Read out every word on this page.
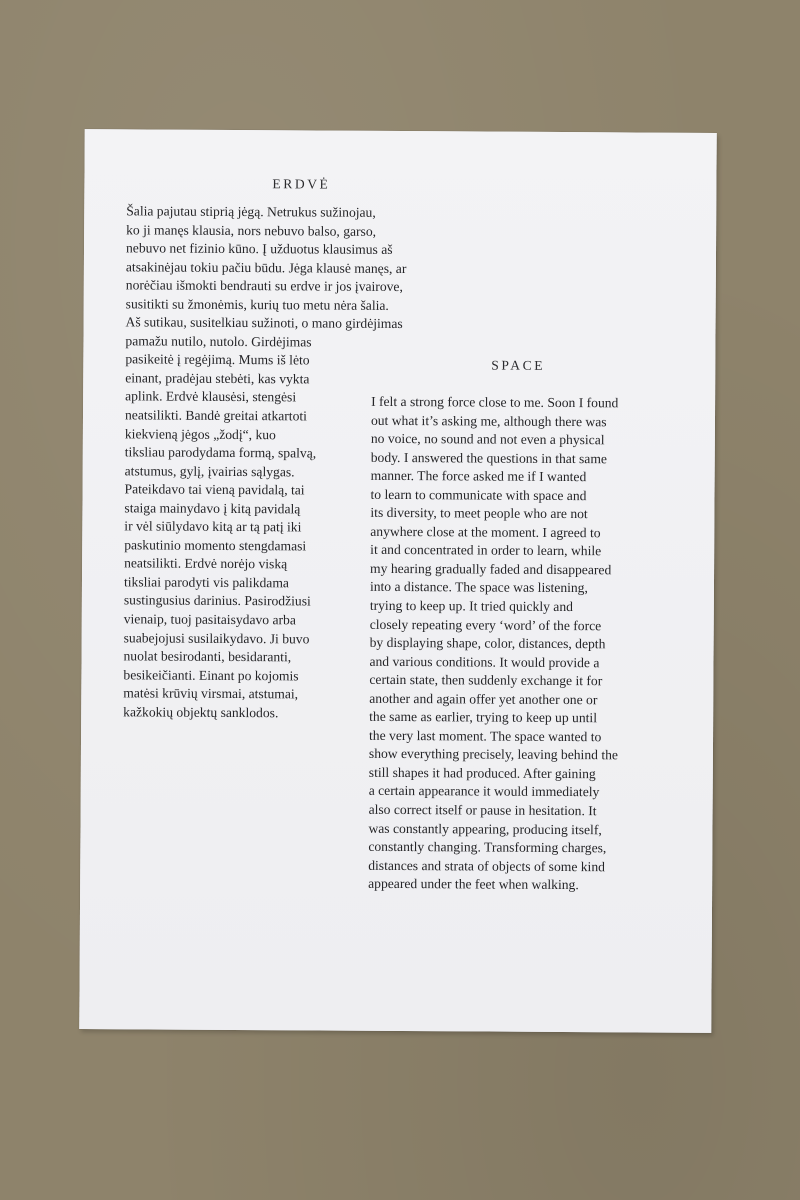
ERDVĖ

Šalia pajutau stiprią jėgą. Netrukus sužinojau,
ko ji manęs klausia, nors nebuvo balso, garso,
nebuvo net fizinio kūno. Į užduotus klausimus aš
atsakinėjau tokiu pačiu būdu. Jėga klausė manęs, ar
norėčiau išmokti bendrauti su erdve ir jos įvairove,
susitikti su žmonėmis, kurių tuo metu nėra šalia.
Aš sutikau, susitelkiau sužinoti, o mano girdėjimas
pamažu nutilo, nutolo. Girdėjimas
pasikeitė į regėjimą. Mums iš lėto
einant, pradėjau stebėti, kas vykta
aplink. Erdvė klausėsi, stengėsi
neatsilikti. Bandė greitai atkartoti
kiekvieną jėgos „žodį“, kuo
tiksliau parodydama formą, spalvą,
atstumus, gylį, įvairias sąlygas.
Pateikdavo tai vieną pavidalą, tai
staiga mainydavo į kitą pavidalą
ir vėl siūlydavo kitą ar tą patį iki
paskutinio momento stengdamasi
neatsilikti. Erdvė norėjo viską
tiksliai parodyti vis palikdama
sustingusius darinius. Pasirodžiusi
vienaip, tuoj pasitaisydavo arba
suabejojusi susilaikydavo. Ji buvo
nuolat besirodanti, besidaranti,
besikeičianti. Einant po kojomis
matėsi krūvių virsmai, atstumai,
kažkokių objektų sanklodos.

SPACE

I felt a strong force close to me. Soon I found
out what it’s asking me, although there was
no voice, no sound and not even a physical
body. I answered the questions in that same
manner. The force asked me if I wanted
to learn to communicate with space and
its diversity, to meet people who are not
anywhere close at the moment. I agreed to
it and concentrated in order to learn, while
my hearing gradually faded and disappeared
into a distance. The space was listening,
trying to keep up. It tried quickly and
closely repeating every ‘word’ of the force
by displaying shape, color, distances, depth
and various conditions. It would provide a
certain state, then suddenly exchange it for
another and again offer yet another one or
the same as earlier, trying to keep up until
the very last moment. The space wanted to
show everything precisely, leaving behind the
still shapes it had produced. After gaining
a certain appearance it would immediately
also correct itself or pause in hesitation. It
was constantly appearing, producing itself,
constantly changing. Transforming charges,
distances and strata of objects of some kind
appeared under the feet when walking.
